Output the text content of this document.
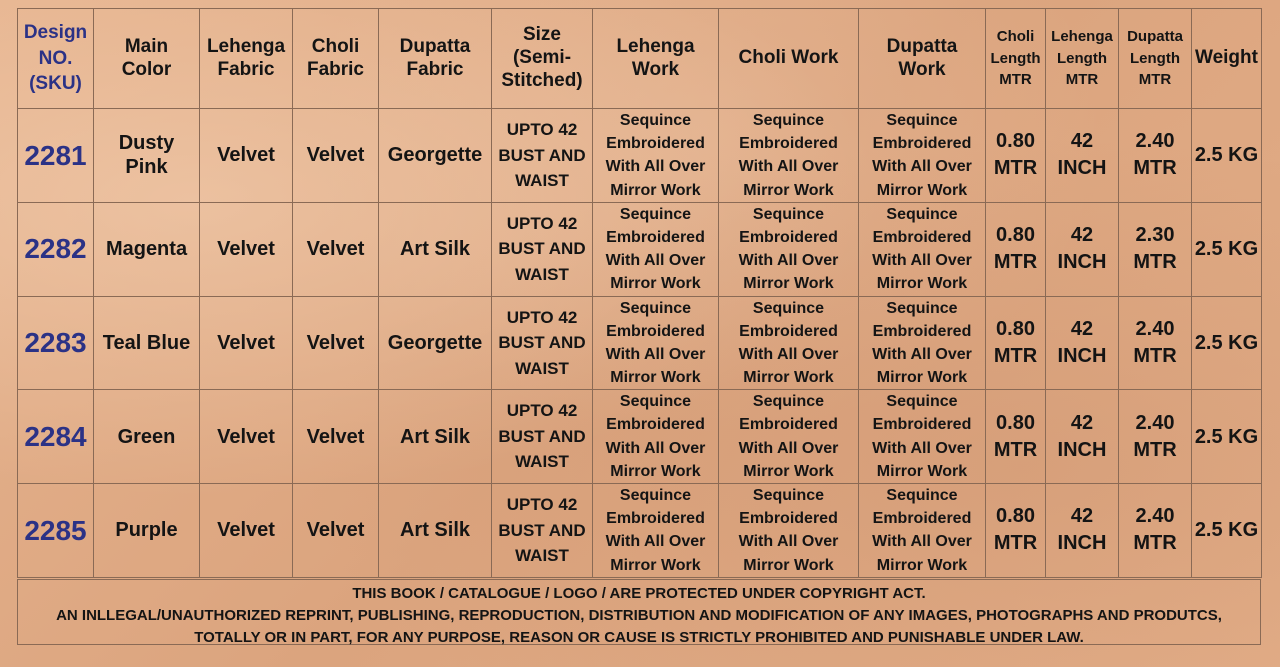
Design
NO.
(SKU)	Main
Color	Lehenga
Fabric	Choli
Fabric	Dupatta
Fabric	Size
(Semi-
Stitched)	Lehenga
Work	Choli Work	Dupatta
Work	Choli
Length
MTR	Lehenga
Length
MTR	Dupatta
Length
MTR	Weight

2281	Dusty
Pink	Velvet	Velvet	Georgette	UPTO 42
BUST AND
WAIST	Sequince
Embroidered
With All Over
Mirror Work	Sequince
Embroidered
With All Over
Mirror Work	Sequince
Embroidered
With All Over
Mirror Work	0.80
MTR	42
INCH	2.40
MTR	2.5 KG

2282	Magenta	Velvet	Velvet	Art Silk	UPTO 42
BUST AND
WAIST	Sequince
Embroidered
With All Over
Mirror Work	Sequince
Embroidered
With All Over
Mirror Work	Sequince
Embroidered
With All Over
Mirror Work	0.80
MTR	42
INCH	2.30
MTR	2.5 KG

2283	Teal Blue	Velvet	Velvet	Georgette	UPTO 42
BUST AND
WAIST	Sequince
Embroidered
With All Over
Mirror Work	Sequince
Embroidered
With All Over
Mirror Work	Sequince
Embroidered
With All Over
Mirror Work	0.80
MTR	42
INCH	2.40
MTR	2.5 KG

2284	Green	Velvet	Velvet	Art Silk	UPTO 42
BUST AND
WAIST	Sequince
Embroidered
With All Over
Mirror Work	Sequince
Embroidered
With All Over
Mirror Work	Sequince
Embroidered
With All Over
Mirror Work	0.80
MTR	42
INCH	2.40
MTR	2.5 KG

2285	Purple	Velvet	Velvet	Art Silk	UPTO 42
BUST AND
WAIST	Sequince
Embroidered
With All Over
Mirror Work	Sequince
Embroidered
With All Over
Mirror Work	Sequince
Embroidered
With All Over
Mirror Work	0.80
MTR	42
INCH	2.40
MTR	2.5 KG
THIS BOOK / CATALOGUE / LOGO / ARE PROTECTED UNDER COPYRIGHT ACT.
AN INLLEGAL/UNAUTHORIZED REPRINT, PUBLISHING, REPRODUCTION, DISTRIBUTION AND MODIFICATION OF ANY IMAGES, PHOTOGRAPHS AND PRODUTCS,
TOTALLY OR IN PART, FOR ANY PURPOSE, REASON OR CAUSE IS STRICTLY PROHIBITED AND PUNISHABLE UNDER LAW.
